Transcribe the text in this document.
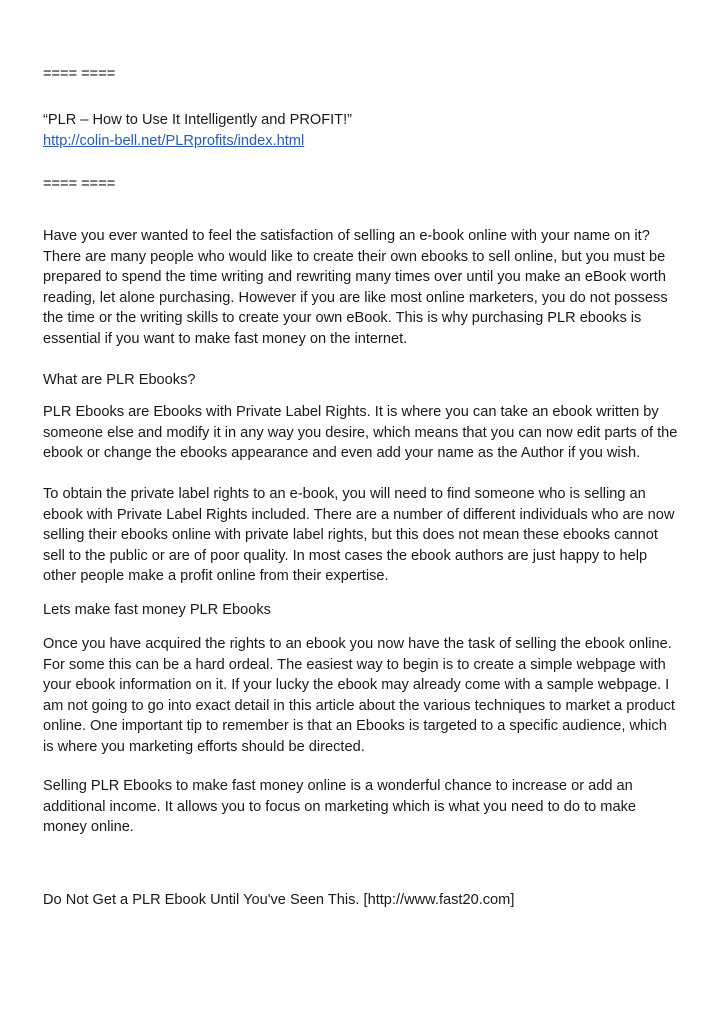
==== ====

“PLR – How to Use It Intelligently and PROFIT!”

http://colin-bell.net/PLRprofits/index.html

==== ====

Have you ever wanted to feel the satisfaction of selling an e-book online with your name on it?

There are many people who would like to create their own ebooks to sell online, but you must be

prepared to spend the time writing and rewriting many times over until you make an eBook worth

reading, let alone purchasing. However if you are like most online marketers, you do not possess

the time or the writing skills to create your own eBook. This is why purchasing PLR ebooks is

essential if you want to make fast money on the internet.

What are PLR Ebooks?

PLR Ebooks are Ebooks with Private Label Rights. It is where you can take an ebook written by

someone else and modify it in any way you desire, which means that you can now edit parts of the

ebook or change the ebooks appearance and even add your name as the Author if you wish.

To obtain the private label rights to an e-book, you will need to find someone who is selling an

ebook with Private Label Rights included. There are a number of different individuals who are now

selling their ebooks online with private label rights, but this does not mean these ebooks cannot

sell to the public or are of poor quality. In most cases the ebook authors are just happy to help

other people make a profit online from their expertise.

Lets make fast money PLR Ebooks

Once you have acquired the rights to an ebook you now have the task of selling the ebook online.

For some this can be a hard ordeal. The easiest way to begin is to create a simple webpage with

your ebook information on it. If your lucky the ebook may already come with a sample webpage. I

am not going to go into exact detail in this article about the various techniques to market a product

online. One important tip to remember is that an Ebooks is targeted to a specific audience, which

is where you marketing efforts should be directed.

Selling PLR Ebooks to make fast money online is a wonderful chance to increase or add an

additional income. It allows you to focus on marketing which is what you need to do to make

money online.

Do Not Get a PLR Ebook Until You've Seen This. [http://www.fast20.com]
